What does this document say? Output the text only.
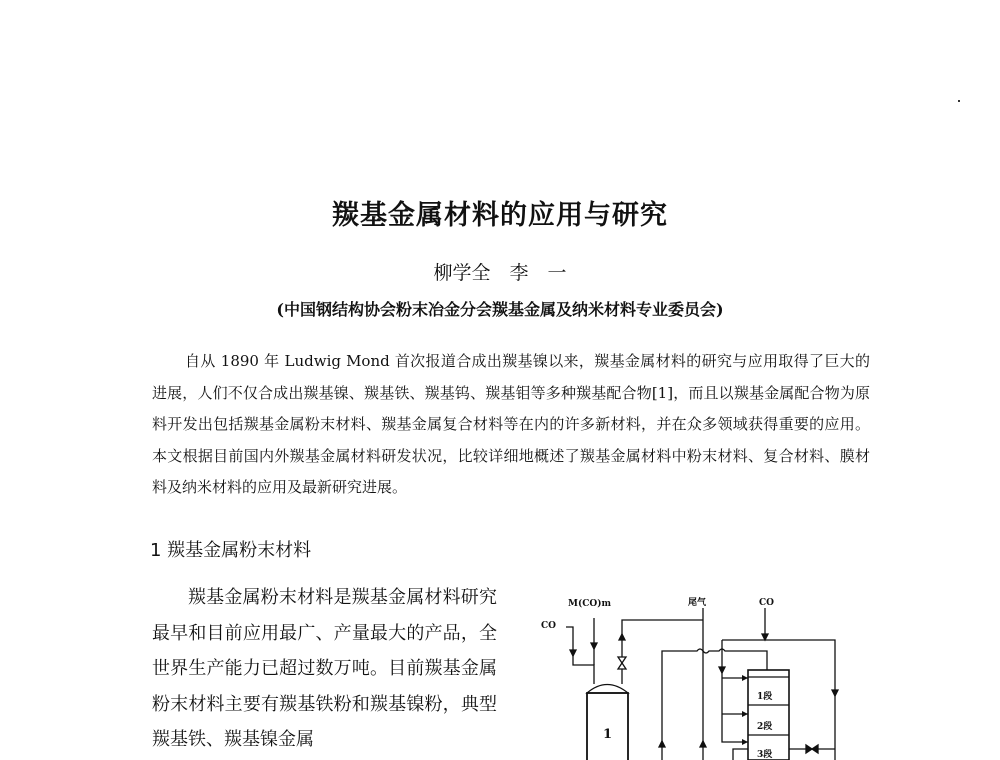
羰基金属材料的应用与研究
柳学全　李　一
(中国钢结构协会粉末冶金分会羰基金属及纳米材料专业委员会)
自从 1890 年 Ludwig Mond 首次报道合成出羰基镍以来，羰基金属材料的研究与应用取得了巨大的进展，人们不仅合成出羰基镍、羰基铁、羰基钨、羰基钼等多种羰基配合物[1]，而且以羰基金属配合物为原料开发出包括羰基金属粉末材料、羰基金属复合材料等在内的许多新材料，并在众多领域获得重要的应用。本文根据目前国内外羰基金属材料研发状况，比较详细地概述了羰基金属材料中粉末材料、复合材料、膜材料及纳米材料的应用及最新研究进展。
1 羰基金属粉末材料
羰基金属粉末材料是羰基金属材料研究最早和目前应用最广、产量最大的产品，全世界生产能力已超过数万吨。目前羰基金属粉末材料主要有羰基铁粉和羰基镍粉，典型羰基铁、羰基镍金属
CO
M(CO)m	尾气	CO
1
1段
2段
3段
